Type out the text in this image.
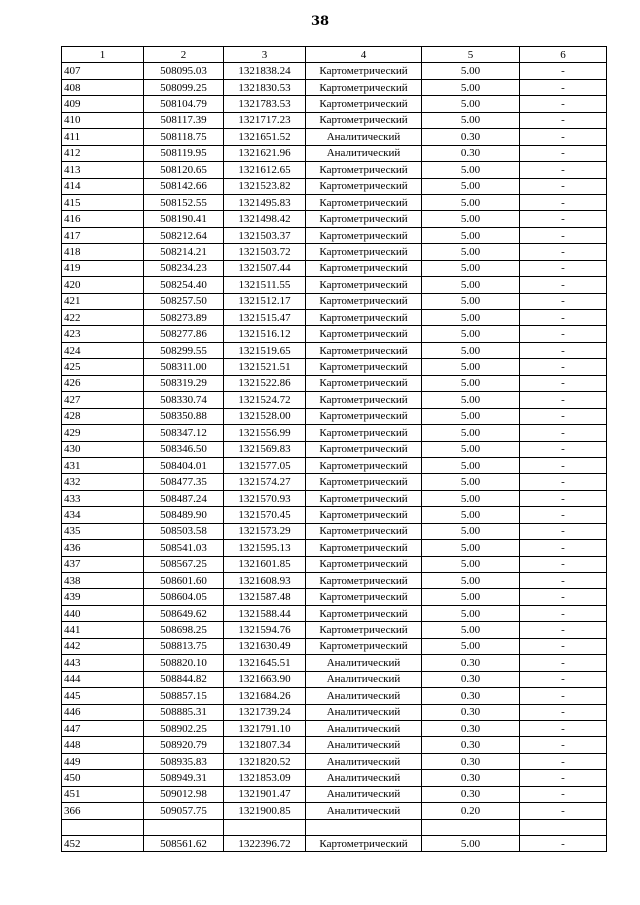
38
1	2	3	4	5	6
407	508095.03	1321838.24	Картометрический	5.00	-
408	508099.25	1321830.53	Картометрический	5.00	-
409	508104.79	1321783.53	Картометрический	5.00	-
410	508117.39	1321717.23	Картометрический	5.00	-
411	508118.75	1321651.52	Аналитический	0.30	-
412	508119.95	1321621.96	Аналитический	0.30	-
413	508120.65	1321612.65	Картометрический	5.00	-
414	508142.66	1321523.82	Картометрический	5.00	-
415	508152.55	1321495.83	Картометрический	5.00	-
416	508190.41	1321498.42	Картометрический	5.00	-
417	508212.64	1321503.37	Картометрический	5.00	-
418	508214.21	1321503.72	Картометрический	5.00	-
419	508234.23	1321507.44	Картометрический	5.00	-
420	508254.40	1321511.55	Картометрический	5.00	-
421	508257.50	1321512.17	Картометрический	5.00	-
422	508273.89	1321515.47	Картометрический	5.00	-
423	508277.86	1321516.12	Картометрический	5.00	-
424	508299.55	1321519.65	Картометрический	5.00	-
425	508311.00	1321521.51	Картометрический	5.00	-
426	508319.29	1321522.86	Картометрический	5.00	-
427	508330.74	1321524.72	Картометрический	5.00	-
428	508350.88	1321528.00	Картометрический	5.00	-
429	508347.12	1321556.99	Картометрический	5.00	-
430	508346.50	1321569.83	Картометрический	5.00	-
431	508404.01	1321577.05	Картометрический	5.00	-
432	508477.35	1321574.27	Картометрический	5.00	-
433	508487.24	1321570.93	Картометрический	5.00	-
434	508489.90	1321570.45	Картометрический	5.00	-
435	508503.58	1321573.29	Картометрический	5.00	-
436	508541.03	1321595.13	Картометрический	5.00	-
437	508567.25	1321601.85	Картометрический	5.00	-
438	508601.60	1321608.93	Картометрический	5.00	-
439	508604.05	1321587.48	Картометрический	5.00	-
440	508649.62	1321588.44	Картометрический	5.00	-
441	508698.25	1321594.76	Картометрический	5.00	-
442	508813.75	1321630.49	Картометрический	5.00	-
443	508820.10	1321645.51	Аналитический	0.30	-
444	508844.82	1321663.90	Аналитический	0.30	-
445	508857.15	1321684.26	Аналитический	0.30	-
446	508885.31	1321739.24	Аналитический	0.30	-
447	508902.25	1321791.10	Аналитический	0.30	-
448	508920.79	1321807.34	Аналитический	0.30	-
449	508935.83	1321820.52	Аналитический	0.30	-
450	508949.31	1321853.09	Аналитический	0.30	-
451	509012.98	1321901.47	Аналитический	0.30	-
366	509057.75	1321900.85	Аналитический	0.20	-

452	508561.62	1322396.72	Картометрический	5.00	-
